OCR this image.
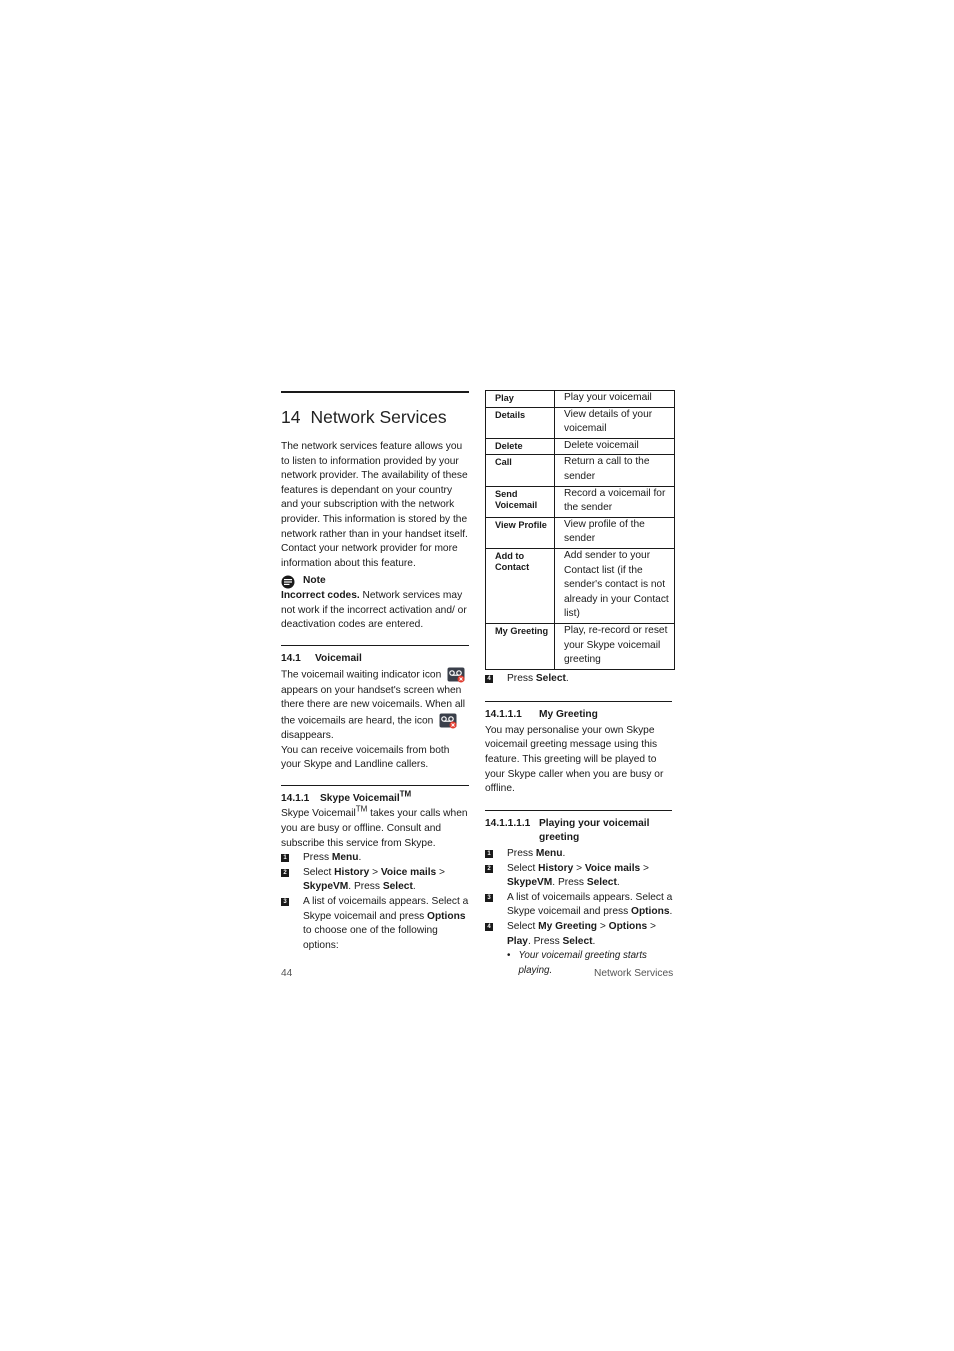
14 Network Services

The network services feature allows you to listen to information provided by your network provider. The availability of these features is dependant on your country and your subscription with the network provider. This information is stored by the network rather than in your handset itself. Contact your network provider for more information about this feature.

Note

Incorrect codes. Network services may not work if the incorrect activation and/ or deactivation codes are entered.

14.1 Voicemail

The voicemail waiting indicator icon  appears on your handset's screen when there there are new voicemails. When all the voicemails are heard, the icon  disappears.

You can receive voicemails from both your Skype and Landline callers.

14.1.1 Skype Voicemail™

Skype Voicemail™ takes your calls when you are busy or offline. Consult and subscribe this service from Skype.

1 Press Menu.
2 Select History > Voice mails > SkypeVM. Press Select.
3 A list of voicemails appears. Select a Skype voicemail and press Options to choose one of the following options:
Play	Play your voicemail
Details	View details of your voicemail
Delete	Delete voicemail
Call	Return a call to the sender
Send Voicemail	Record a voicemail for the sender
View Profile	View profile of the sender
Add to Contact	Add sender to your Contact list (if the sender's contact is not already in your Contact list)
My Greeting	Play, re-record or reset your Skype voicemail greeting
4 Press Select.
14.1.1.1 My Greeting

You may personalise your own Skype voicemail greeting message using this feature. This greeting will be played to your Skype caller when you are busy or offline.

14.1.1.1.1 Playing your voicemail
greeting
1 Press Menu.
2 Select History > Voice mails > SkypeVM. Press Select.
3 A list of voicemails appears. Select a Skype voicemail and press Options.
4 Select My Greeting > Options > Play. Press Select.
• Your voicemail greeting starts playing.
44	Network Services
